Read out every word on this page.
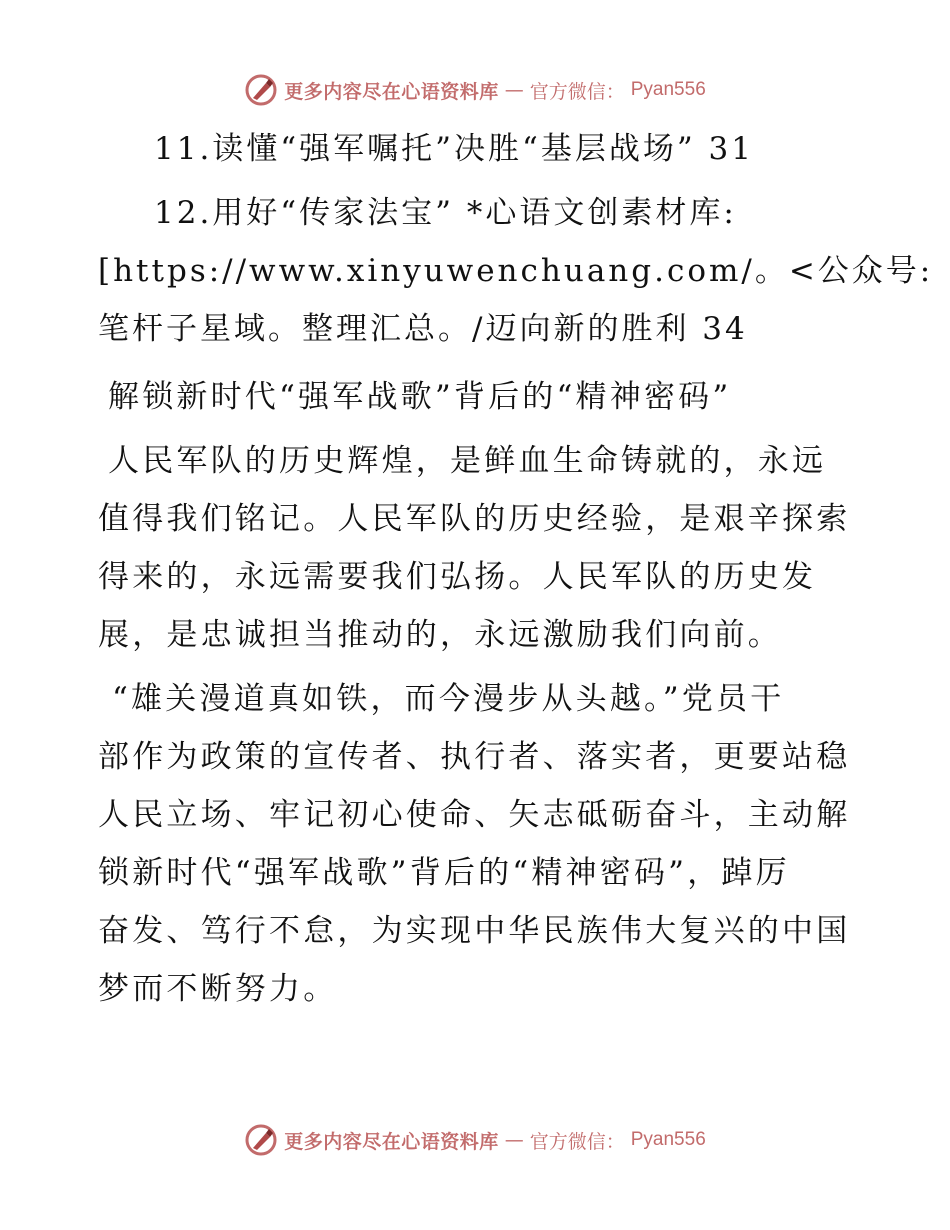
更多内容尽在心语资料库 — 官方微信： Pyan556
11.读懂“强军嘱托”决胜“基层战场” 31
12.用好“传家法宝” *心语文创素材库:
[https://www.xinyuwenchuang.com/。<公众号:
笔杆子星域。整理汇总。/迈向新的胜利 34
解锁新时代“强军战歌”背后的“精神密码”
人民军队的历史辉煌，是鲜血生命铸就的，永远
值得我们铭记。人民军队的历史经验，是艰辛探索
得来的，永远需要我们弘扬。人民军队的历史发
展，是忠诚担当推动的，永远激励我们向前。
“雄关漫道真如铁，而今漫步从头越。”党员干
部作为政策的宣传者、执行者、落实者，更要站稳
人民立场、牢记初心使命、矢志砥砺奋斗，主动解
锁新时代“强军战歌”背后的“精神密码”，踔厉
奋发、笃行不怠，为实现中华民族伟大复兴的中国
梦而不断努力。
更多内容尽在心语资料库 — 官方微信： Pyan556
